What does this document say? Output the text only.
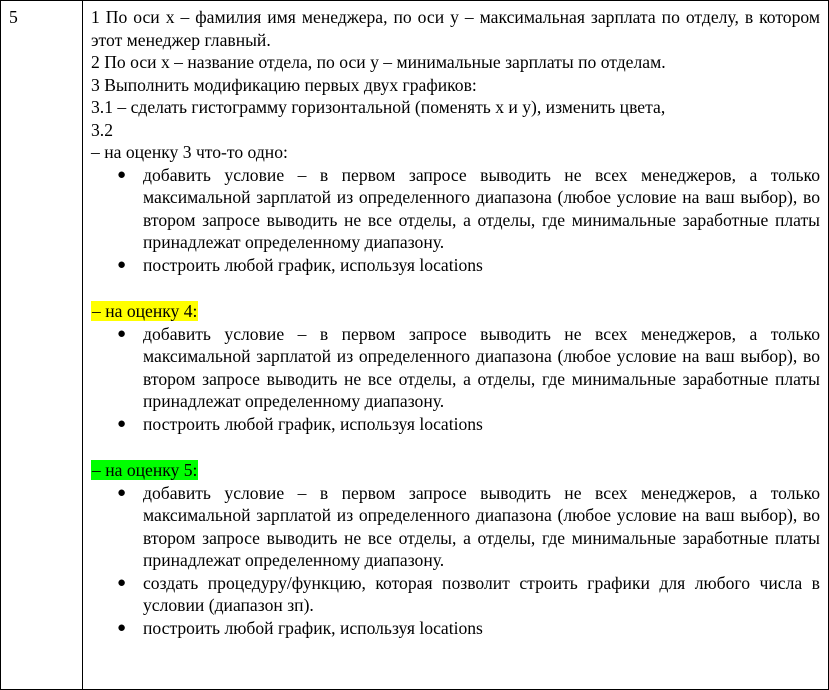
5	1 По оси x – фамилия имя менеджера, по оси y – максимальная зарплата по отделу, в котором этот менеджер главный.
2 По оси x – название отдела, по оси y – минимальные зарплаты по отделам.
3 Выполнить модификацию первых двух графиков:
3.1 – сделать гистограмму горизонтальной (поменять x и y), изменить цвета,
3.2
– на оценку 3 что-то одно:
● добавить условие – в первом запросе выводить не всех менеджеров, а только максимальной зарплатой из определенного диапазона (любое условие на ваш выбор), во втором запросе выводить не все отделы, а отделы, где минимальные заработные платы принадлежат определенному диапазону.
● построить любой график, используя locations
– на оценку 4:
● добавить условие – в первом запросе выводить не всех менеджеров, а только максимальной зарплатой из определенного диапазона (любое условие на ваш выбор), во втором запросе выводить не все отделы, а отделы, где минимальные заработные платы принадлежат определенному диапазону.
● построить любой график, используя locations
– на оценку 5:
● добавить условие – в первом запросе выводить не всех менеджеров, а только максимальной зарплатой из определенного диапазона (любое условие на ваш выбор), во втором запросе выводить не все отделы, а отделы, где минимальные заработные платы принадлежат определенному диапазону.
● создать процедуру/функцию, которая позволит строить графики для любого числа в условии (диапазон зп).
● построить любой график, используя locations
